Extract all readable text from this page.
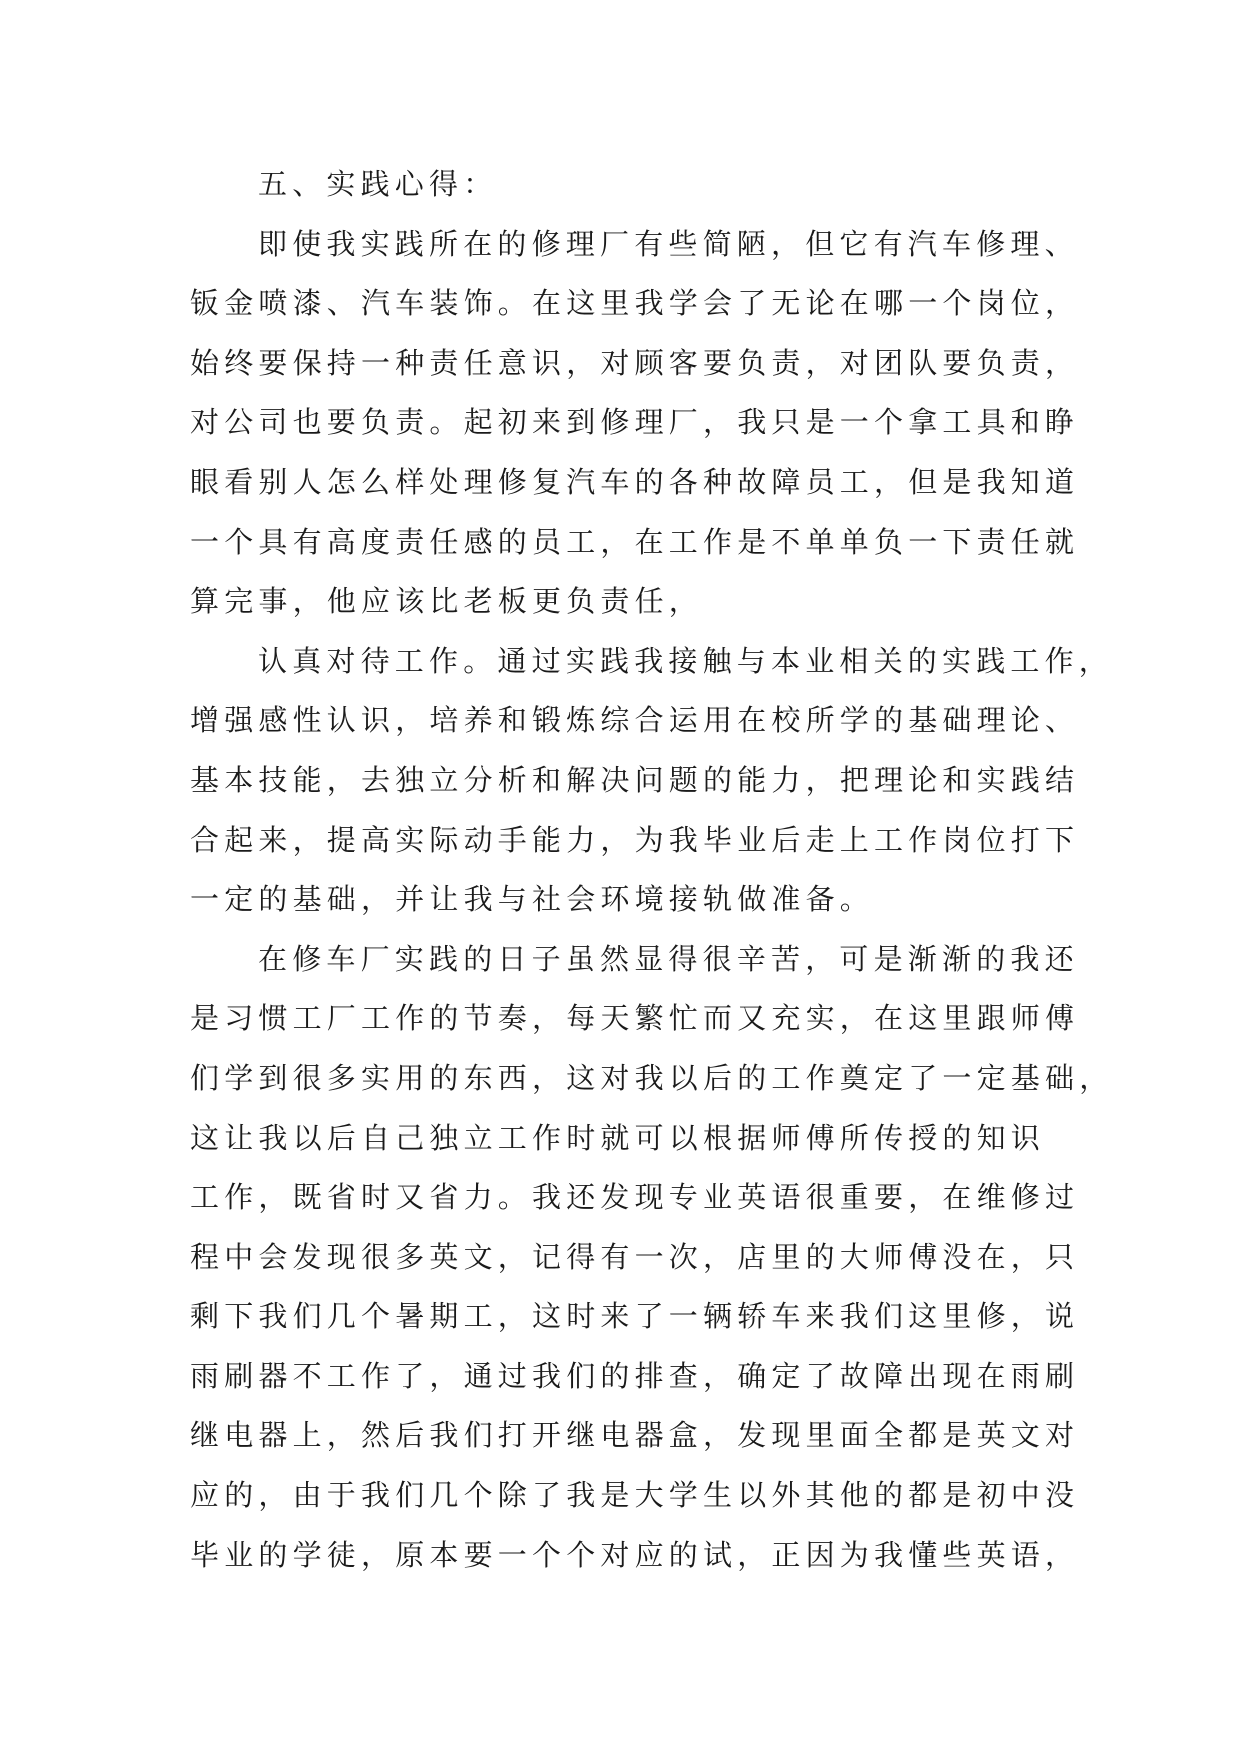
五、实践心得：
即使我实践所在的修理厂有些简陋，但它有汽车修理、
钣金喷漆、汽车装饰。在这里我学会了无论在哪一个岗位，
始终要保持一种责任意识，对顾客要负责，对团队要负责，
对公司也要负责。起初来到修理厂，我只是一个拿工具和睁
眼看别人怎么样处理修复汽车的各种故障员工，但是我知道
一个具有高度责任感的员工，在工作是不单单负一下责任就
算完事，他应该比老板更负责任，
认真对待工作。通过实践我接触与本业相关的实践工作，
增强感性认识，培养和锻炼综合运用在校所学的基础理论、
基本技能，去独立分析和解决问题的能力，把理论和实践结
合起来，提高实际动手能力，为我毕业后走上工作岗位打下
一定的基础，并让我与社会环境接轨做准备。
在修车厂实践的日子虽然显得很辛苦，可是渐渐的我还
是习惯工厂工作的节奏，每天繁忙而又充实，在这里跟师傅
们学到很多实用的东西，这对我以后的工作奠定了一定基础，
这让我以后自己独立工作时就可以根据师傅所传授的知识
工作，既省时又省力。我还发现专业英语很重要，在维修过
程中会发现很多英文，记得有一次，店里的大师傅没在，只
剩下我们几个暑期工，这时来了一辆轿车来我们这里修，说
雨刷器不工作了，通过我们的排查，确定了故障出现在雨刷
继电器上，然后我们打开继电器盒，发现里面全都是英文对
应的，由于我们几个除了我是大学生以外其他的都是初中没
毕业的学徒，原本要一个个对应的试，正因为我懂些英语，
